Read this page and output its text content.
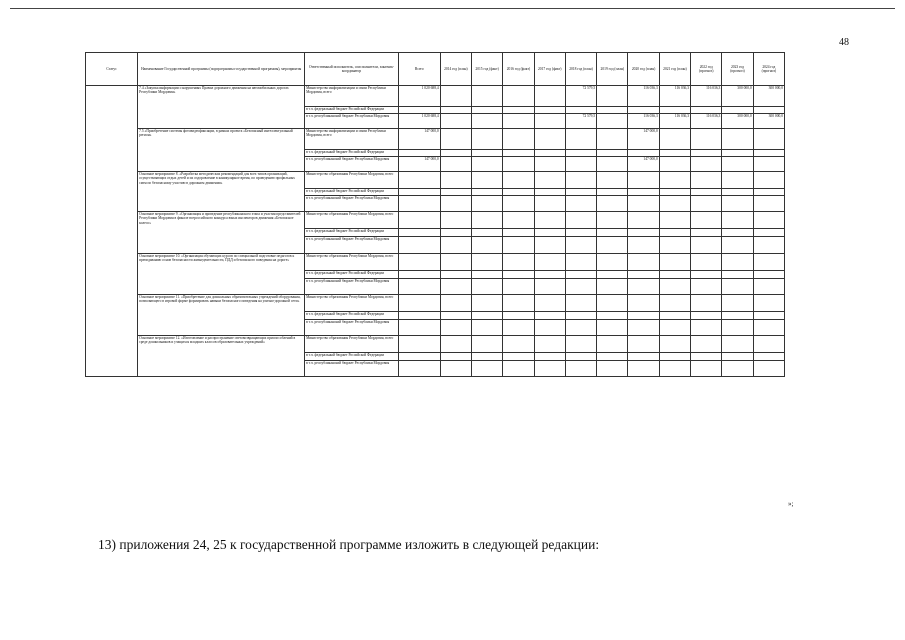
48
Статус	Наименование Государственной программы (подпрограммы государственной программы), мероприятия	Ответственный исполнитель, соисполнители, заказчик-координатор	Всего	2014 год (план)	2015 год (факт)	2016 год (факт)	2017 год (факт)	2018 год (план)	2019 год (план)	2020 год (план)	2021 год (план)	2022 год (прогноз)	2023 год (прогноз)	2024 год (прогноз)
	7.4 «Закупка информации о нарушениях Правил дорожного движения на автомобильных дорогах Республики Мордовия»	Министерство информатизации и связи Республики Мордовия, всего	1 020 688,4					72 579,5		116 036,3	116 036,3	116 036,3	300 000,0	300 000,0
		в т.ч. федеральный бюджет Российской Федерации												
		в т.ч. республиканский бюджет Республики Мордовия	1 020 688,4					72 579,5		116 036,3	116 036,3	116 036,3	300 000,0	300 000,0
	7.5 «Приобретение системы фотовидеофиксации, в рамках проекта «Безопасный интеллектуальный регион»	Министерство информатизации и связи Республики Мордовия, всего	147 000,0							147 000,0				
		в т.ч. федеральный бюджет Российской Федерации												
		в т.ч. республиканский бюджет Республики Мордовия	147 000,0							147 000,0				
	Основное мероприятие 8. «Разработка методических рекомендаций для всех типов организаций, осуществляющих отдых детей и их оздоровление в каникулярное время, по проведению профильных смен по безопасному участию в дорожном движении»	Министерство образования Республики Мордовия, всего												
		в т.ч. федеральный бюджет Российской Федерации												
		в т.ч. республиканский бюджет Республики Мордовия												
	Основное мероприятие 9. «Организация и проведение республиканского этапа и участия представителей Республики Мордовия в финале всероссийского конкурса юных инспекторов движения «Безопасное колесо»	Министерство образования Республики Мордовия, всего												
		в т.ч. федеральный бюджет Российской Федерации												
		в т.ч. республиканский бюджет Республики Мордовия												
	Основное мероприятие 10. «Организация обучающих курсов по специальной подготовке педагогов к преподаванию основ безопасности жизнедеятельности, ПДД и безопасного поведения на дороге»	Министерство образования Республики Мордовия, всего												
		в т.ч. федеральный бюджет Российской Федерации												
		в т.ч. республиканский бюджет Республики Мордовия												
	Основное мероприятие 11. «Приобретение для дошкольных образовательных учреждений оборудования, позволяющего в игровой форме формировать навыки безопасного поведения на улично-дорожной сети»	Министерство образования Республики Мордовия, всего												
		в т.ч. федеральный бюджет Российской Федерации												
		в т.ч. республиканский бюджет Республики Мордовия												
	Основное мероприятие 12. «Изготовление и распространение световозвращающих приспособлений в среде дошкольников и учащихся младших классов образовательных учреждений»	Министерство образования Республики Мордовия, всего												
		в т.ч. федеральный бюджет Российской Федерации												
		в т.ч. республиканский бюджет Республики Мордовия												
»;
13) приложения 24, 25 к государственной программе изложить в следующей редакции:
